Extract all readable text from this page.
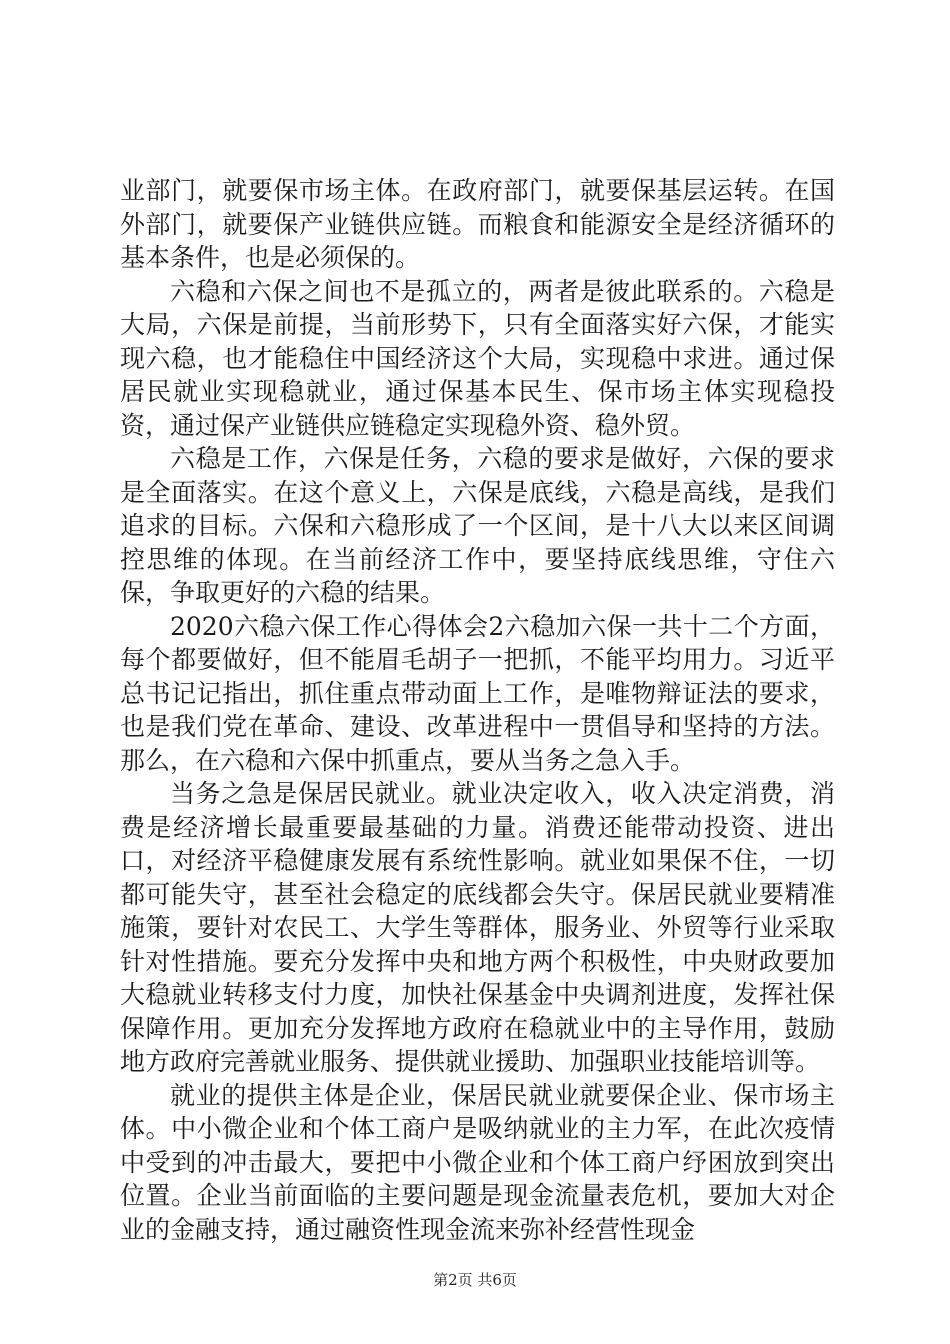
业部门，就要保市场主体。在政府部门，就要保基层运转。在国外部门，就要保产业链供应链。而粮食和能源安全是经济循环的基本条件，也是必须保的。

六稳和六保之间也不是孤立的，两者是彼此联系的。六稳是大局，六保是前提，当前形势下，只有全面落实好六保，才能实现六稳，也才能稳住中国经济这个大局，实现稳中求进。通过保居民就业实现稳就业，通过保基本民生、保市场主体实现稳投资，通过保产业链供应链稳定实现稳外资、稳外贸。

六稳是工作，六保是任务，六稳的要求是做好，六保的要求是全面落实。在这个意义上，六保是底线，六稳是高线，是我们追求的目标。六保和六稳形成了一个区间，是十八大以来区间调控思维的体现。在当前经济工作中，要坚持底线思维，守住六保，争取更好的六稳的结果。

2020六稳六保工作心得体会2六稳加六保一共十二个方面，每个都要做好，但不能眉毛胡子一把抓，不能平均用力。习近平总书记记指出，抓住重点带动面上工作，是唯物辩证法的要求，也是我们党在革命、建设、改革进程中一贯倡导和坚持的方法。那么，在六稳和六保中抓重点，要从当务之急入手。

当务之急是保居民就业。就业决定收入，收入决定消费，消费是经济增长最重要最基础的力量。消费还能带动投资、进出口，对经济平稳健康发展有系统性影响。就业如果保不住，一切都可能失守，甚至社会稳定的底线都会失守。保居民就业要精准施策，要针对农民工、大学生等群体，服务业、外贸等行业采取针对性措施。要充分发挥中央和地方两个积极性，中央财政要加大稳就业转移支付力度，加快社保基金中央调剂进度，发挥社保保障作用。更加充分发挥地方政府在稳就业中的主导作用，鼓励地方政府完善就业服务、提供就业援助、加强职业技能培训等。

就业的提供主体是企业，保居民就业就要保企业、保市场主体。中小微企业和个体工商户是吸纳就业的主力军，在此次疫情中受到的冲击最大，要把中小微企业和个体工商户纾困放到突出位置。企业当前面临的主要问题是现金流量表危机，要加大对企业的金融支持，通过融资性现金流来弥补经营性现金

第2页 共6页
